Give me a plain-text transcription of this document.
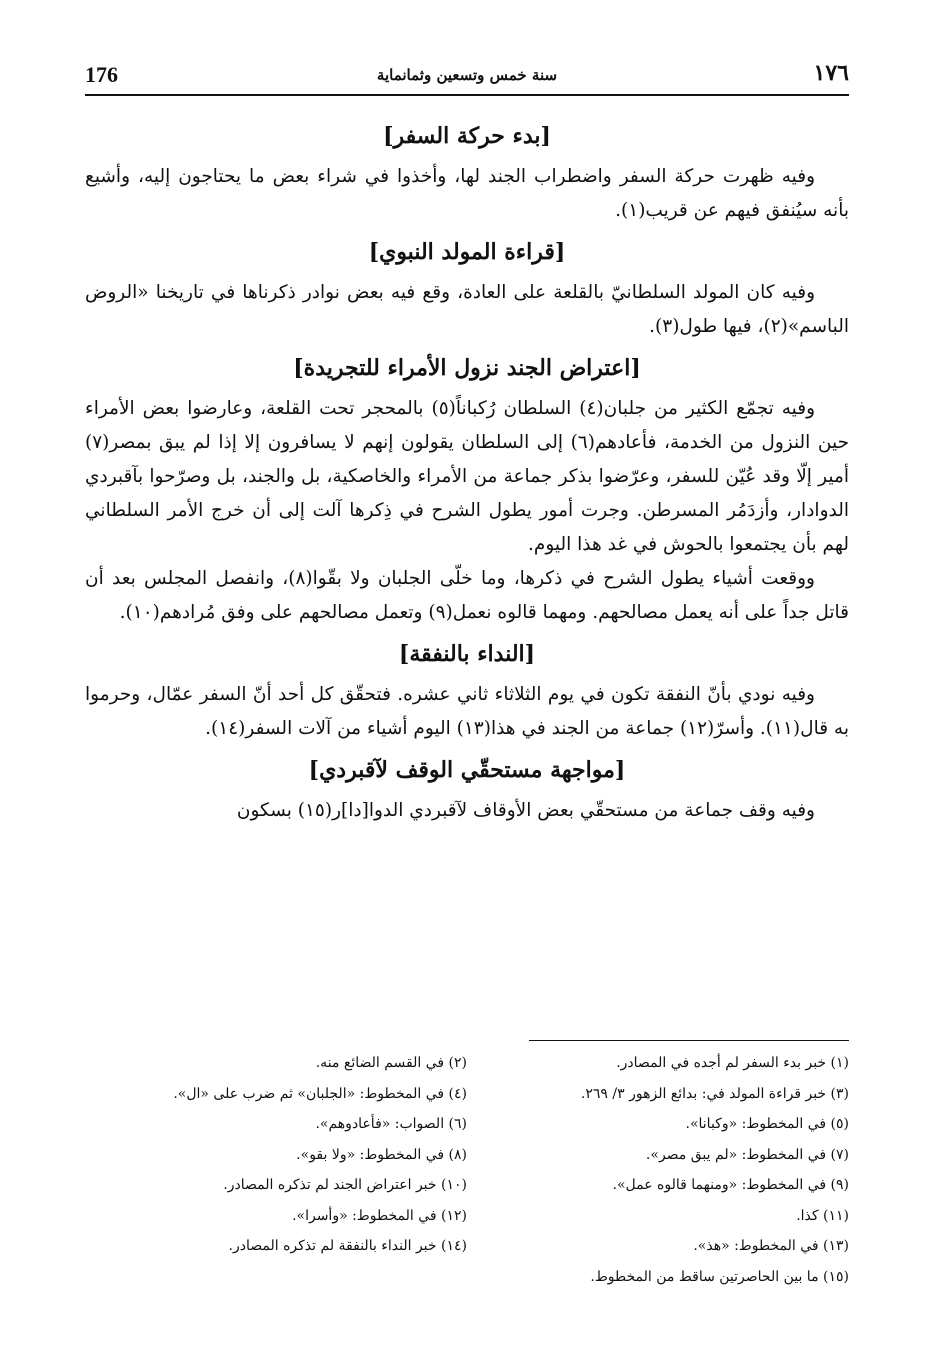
176	سنة خمس وتسعين وثمانماية	١٧٦
[بدء حركة السفر]

وفيه ظهرت حركة السفر واضطراب الجند لها، وأخذوا في شراء بعض ما يحتاجون إليه، وأشيع بأنه سيُنفق فيهم عن قريب(١).

[قراءة المولد النبوي]

وفيه كان المولد السلطانيّ بالقلعة على العادة، وقع فيه بعض نوادر ذكرناها في تاريخنا «الروض الباسم»(٢)، فيها طول(٣).

[اعتراض الجند نزول الأمراء للتجريدة]

وفيه تجمّع الكثير من جلبان(٤) السلطان رُكباناً(٥) بالمحجر تحت القلعة، وعارضوا بعض الأمراء حين النزول من الخدمة، فأعادهم(٦) إلى السلطان يقولون إنهم لا يسافرون إلا إذا لم يبق بمصر(٧) أمير إلّا وقد عُيّن للسفر، وعرّضوا بذكر جماعة من الأمراء والخاصكية، بل والجند، بل وصرّحوا بآقبردي الدوادار، وأزدَمُر المسرطن. وجرت أمور يطول الشرح في ذِكرها آلت إلى أن خرج الأمر السلطاني لهم بأن يجتمعوا بالحوش في غد هذا اليوم.

ووقعت أشياء يطول الشرح في ذكرها، وما خلّى الجلبان ولا بقّوا(٨)، وانفصل المجلس بعد أن قاتل جداً على أنه يعمل مصالحهم. ومهما قالوه نعمل(٩) وتعمل مصالحهم على وفق مُرادهم(١٠).

[النداء بالنفقة]

وفيه نودي بأنّ النفقة تكون في يوم الثلاثاء ثاني عشره. فتحقّق كل أحد أنّ السفر عمّال، وحرموا به قال(١١). وأسرّ(١٢) جماعة من الجند في هذا(١٣) اليوم أشياء من آلات السفر(١٤).

[مواجهة مستحقّي الوقف لآقبردي]

وفيه وقف جماعة من مستحقّي بعض الأوقاف لآقبردي الدوا[دا]ر(١٥) بسكون

(١) خبر بدء السفر لم أجده في المصادر.
(٣) خبر قراءة المولد في: بدائع الزهور ٣/ ٢٦٩.
(٥) في المخطوط: «وكبانا».
(٧) في المخطوط: «لم يبق مصر».
(٩) في المخطوط: «ومنهما قالوه عمل».
(١١) كذا.
(١٣) في المخطوط: «هذ».
(٢) في القسم الضائع منه.
(٤) في المخطوط: «الجلبان» ثم ضرب على «ال».
(٦) الصواب: «فأعادوهم».
(٨) في المخطوط: «ولا بقو».
(١٠) خبر اعتراض الجند لم تذكره المصادر.
(١٢) في المخطوط: «وأسرا».
(١٤) خبر النداء بالنفقة لم تذكره المصادر.
(١٥) ما بين الحاصرتين ساقط من المخطوط.
